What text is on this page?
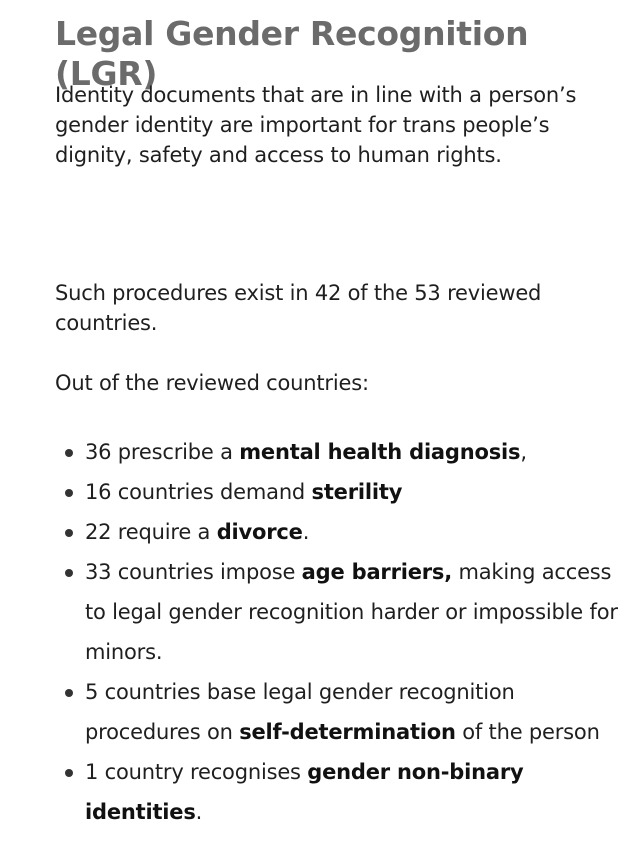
Legal Gender Recognition (LGR)

Identity documents that are in line with a person’s gender identity are important for trans people’s dignity, safety and access to human rights.

Such procedures exist in 42 of the 53 reviewed countries.

Out of the reviewed countries:

36 prescribe a mental health diagnosis,
16 countries demand sterility
22 require a divorce.
33 countries impose age barriers, making access to legal gender recognition harder or impossible for minors.
5 countries base legal gender recognition procedures on self-determination of the person
1 country recognises gender non-binary identities.
